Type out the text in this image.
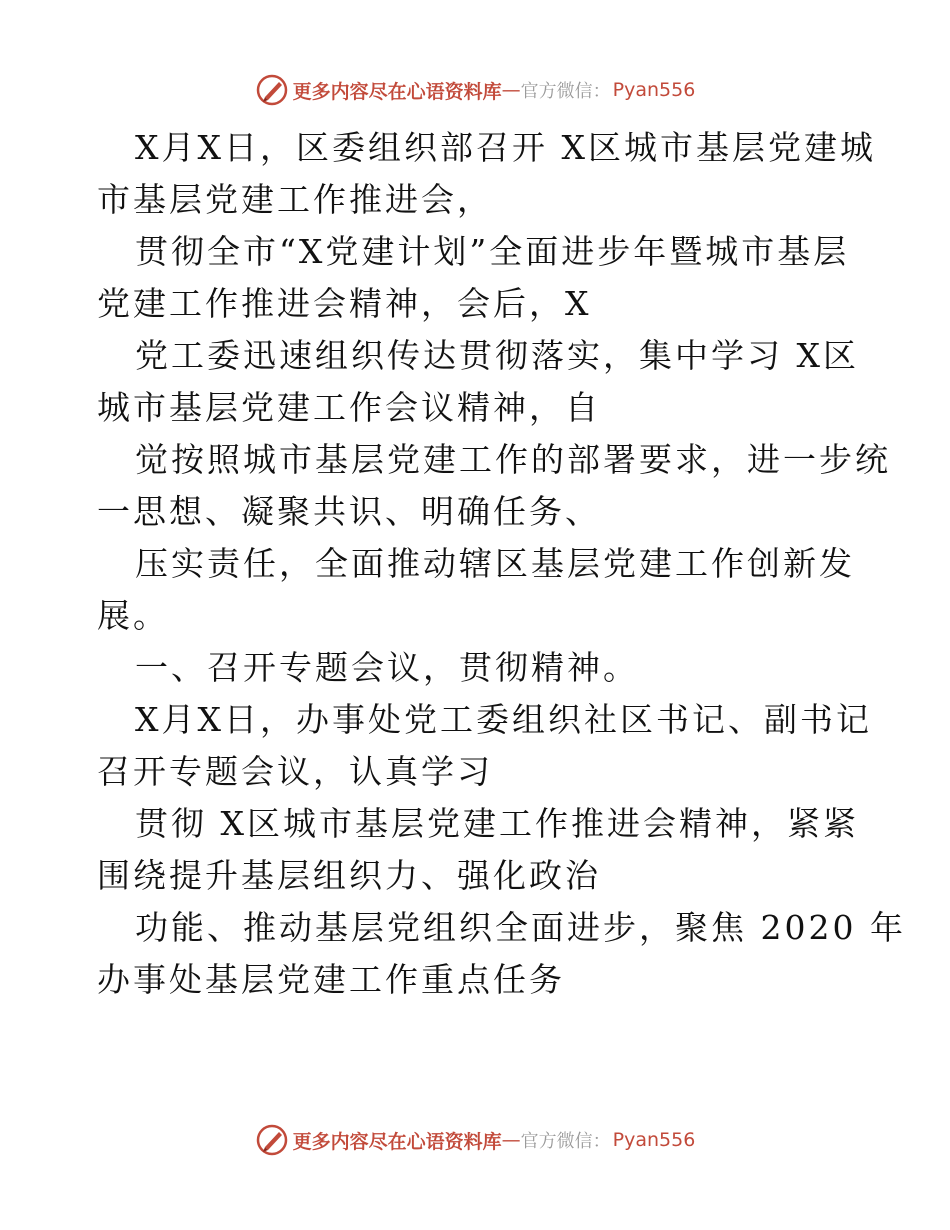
更多内容尽在心语资料库 — 官方微信： Pyan556
X月X日，区委组织部召开 X区城市基层党建城
市基层党建工作推进会，
贯彻全市“X党建计划”全面进步年暨城市基层
党建工作推进会精神，会后，X
党工委迅速组织传达贯彻落实，集中学习 X区
城市基层党建工作会议精神，自
觉按照城市基层党建工作的部署要求，进一步统
一思想、凝聚共识、明确任务、
压实责任，全面推动辖区基层党建工作创新发
展。
一、召开专题会议，贯彻精神。
X月X日，办事处党工委组织社区书记、副书记
召开专题会议，认真学习
贯彻 X区城市基层党建工作推进会精神，紧紧
围绕提升基层组织力、强化政治
功能、推动基层党组织全面进步，聚焦 2020 年
办事处基层党建工作重点任务
更多内容尽在心语资料库 — 官方微信： Pyan556
